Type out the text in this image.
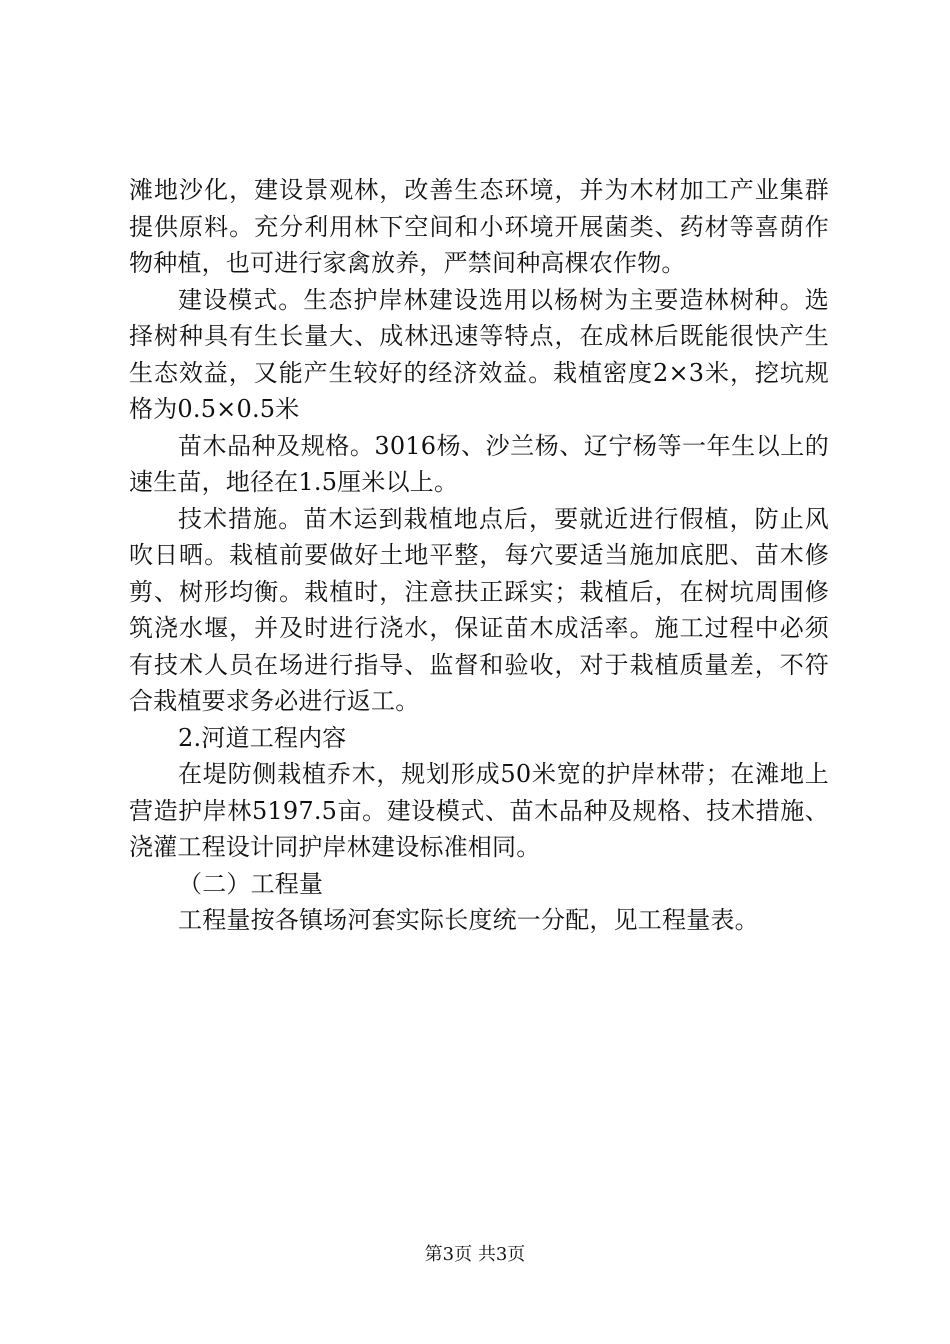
滩地沙化，建设景观林，改善生态环境，并为木材加工产业集群提供原料。充分利用林下空间和小环境开展菌类、药材等喜荫作物种植，也可进行家禽放养，严禁间种高棵农作物。

建设模式。生态护岸林建设选用以杨树为主要造林树种。选择树种具有生长量大、成林迅速等特点，在成林后既能很快产生生态效益，又能产生较好的经济效益。栽植密度2×3米，挖坑规格为0.5×0.5米

苗木品种及规格。3016杨、沙兰杨、辽宁杨等一年生以上的速生苗，地径在1.5厘米以上。

技术措施。苗木运到栽植地点后，要就近进行假植，防止风吹日晒。栽植前要做好土地平整，每穴要适当施加底肥、苗木修剪、树形均衡。栽植时，注意扶正踩实；栽植后，在树坑周围修筑浇水堰，并及时进行浇水，保证苗木成活率。施工过程中必须有技术人员在场进行指导、监督和验收，对于栽植质量差，不符合栽植要求务必进行返工。

2.河道工程内容

在堤防侧栽植乔木，规划形成50米宽的护岸林带；在滩地上营造护岸林5197.5亩。建设模式、苗木品种及规格、技术措施、浇灌工程设计同护岸林建设标准相同。

（二）工程量

工程量按各镇场河套实际长度统一分配，见工程量表。

第3页 共3页
